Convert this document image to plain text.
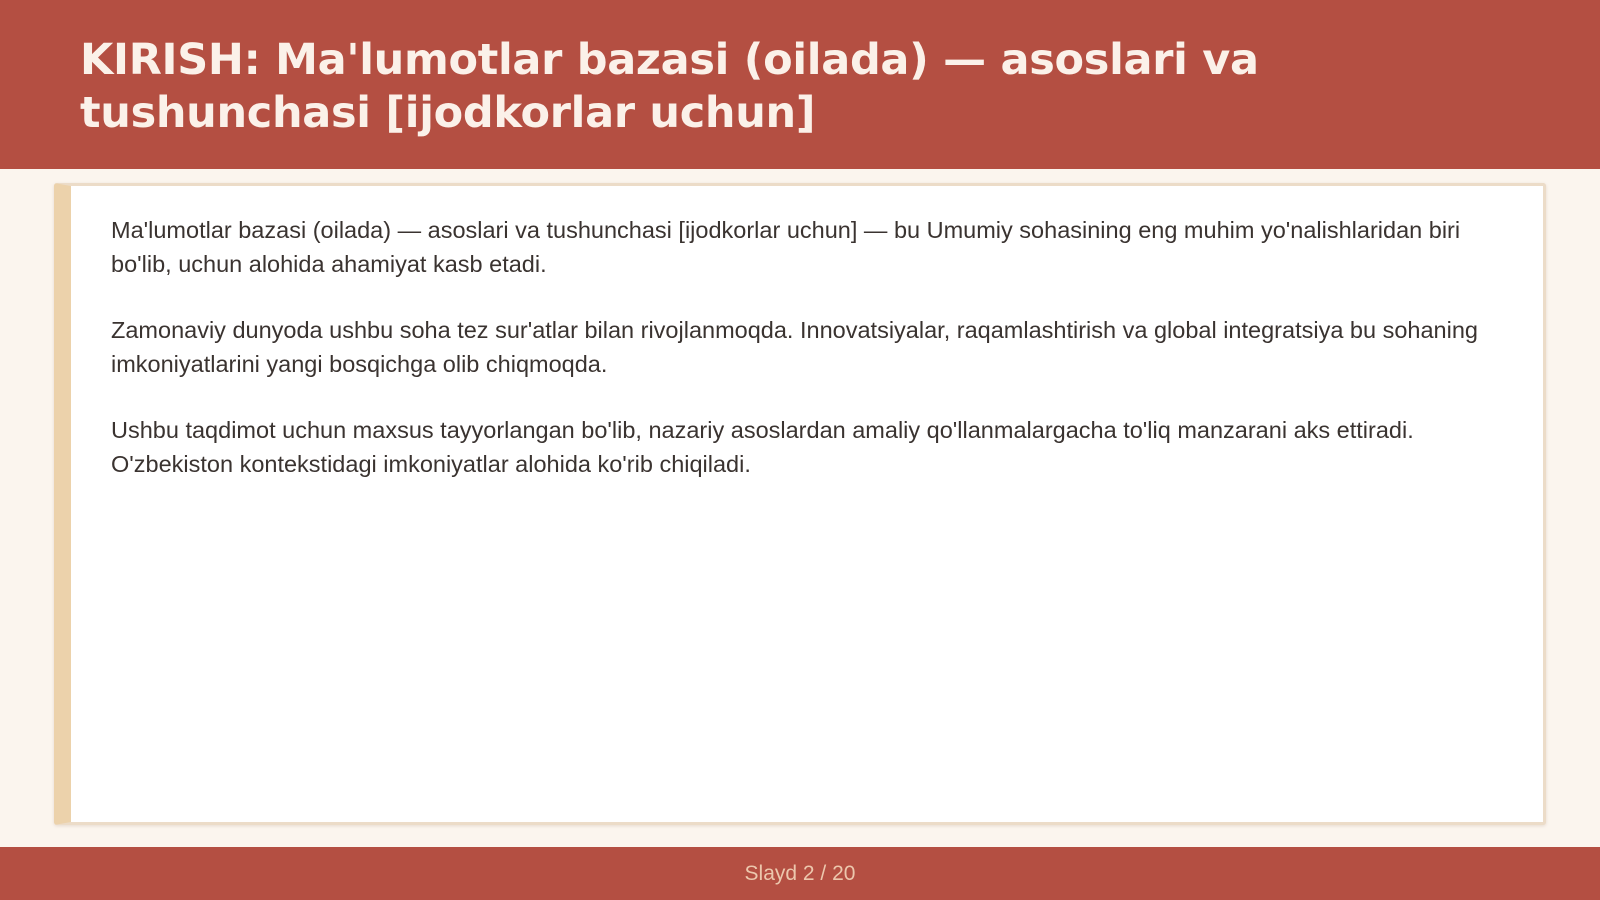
KIRISH: Ma'lumotlar bazasi (oilada) — asoslari va tushunchasi [ijodkorlar uchun]

Ma'lumotlar bazasi (oilada) — asoslari va tushunchasi [ijodkorlar uchun] — bu Umumiy sohasining eng muhim yo'nalishlaridan biri bo'lib, uchun alohida ahamiyat kasb etadi.

Zamonaviy dunyoda ushbu soha tez sur'atlar bilan rivojlanmoqda. Innovatsiyalar, raqamlashtirish va global integratsiya bu sohaning imkoniyatlarini yangi bosqichga olib chiqmoqda.

Ushbu taqdimot uchun maxsus tayyorlangan bo'lib, nazariy asoslardan amaliy qo'llanmalargacha to'liq manzarani aks ettiradi. O'zbekiston kontekstidagi imkoniyatlar alohida ko'rib chiqiladi.

Slayd 2 / 20
